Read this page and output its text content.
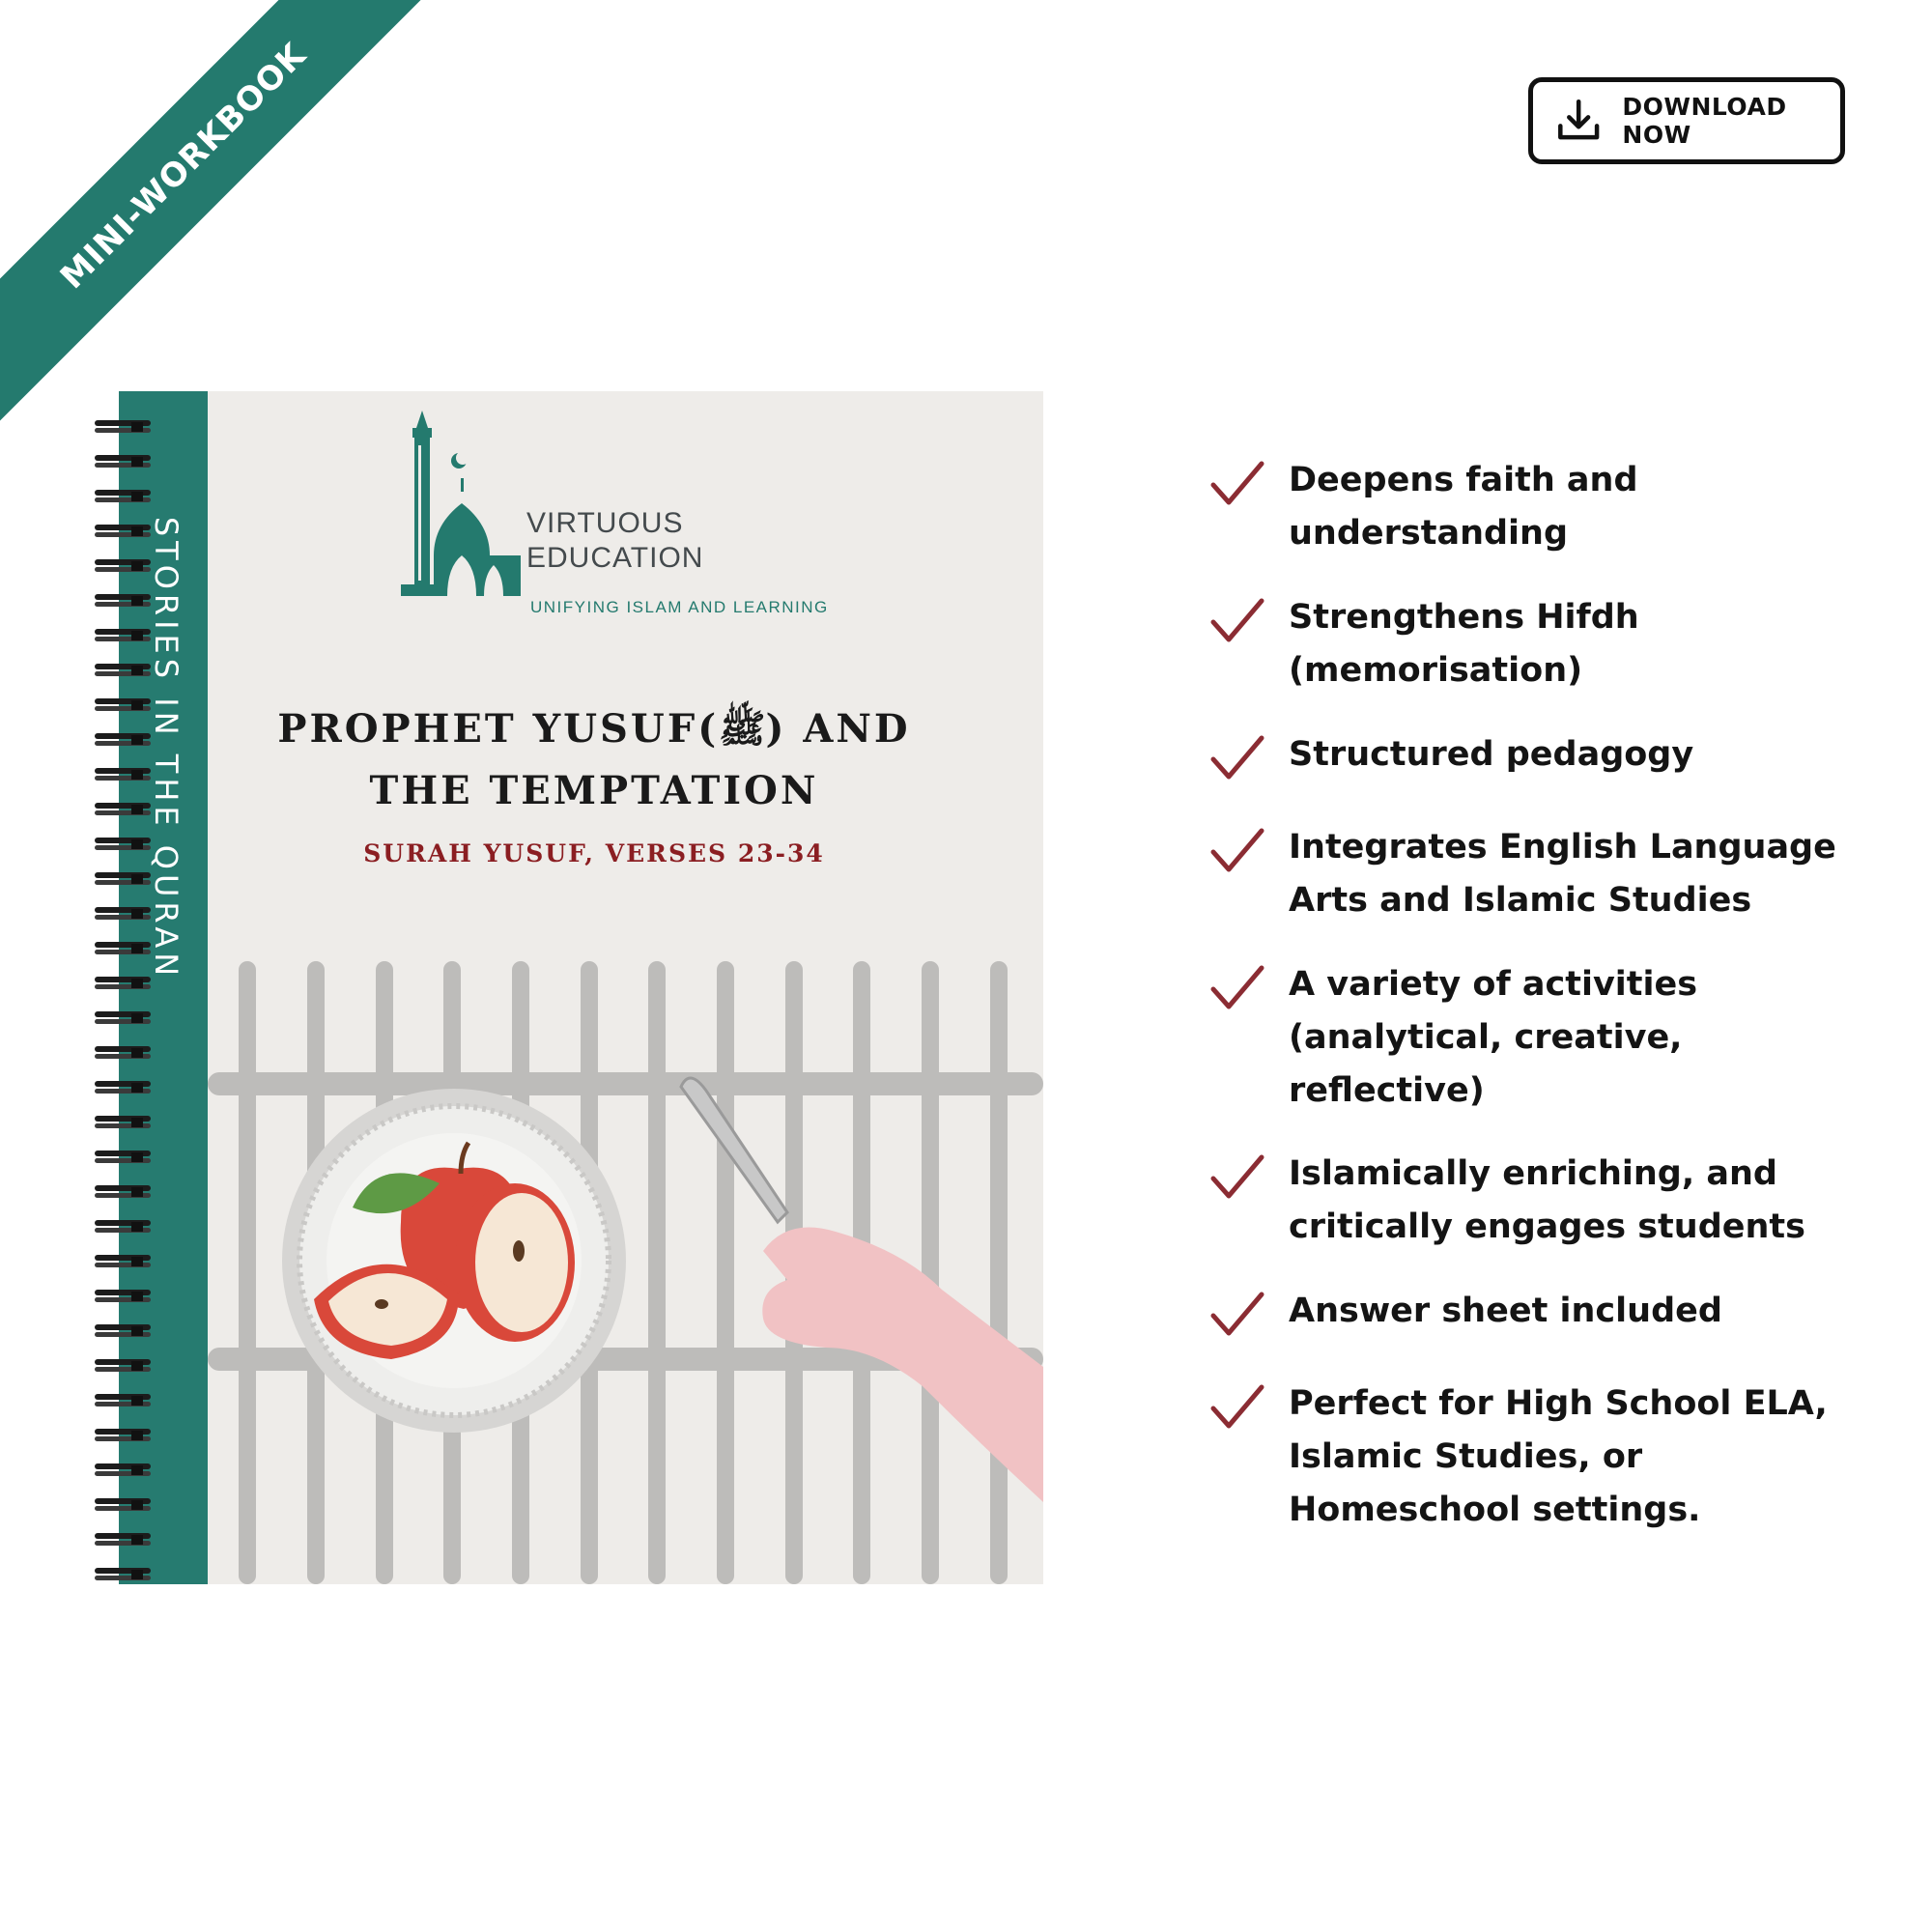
MINI-WORKBOOK	DOWNLOAD NOW
STORIES IN THE QURAN	VIRTUOUS
EDUCATION
UNIFYING ISLAM AND LEARNING
PROPHET YUSUF(ﷺ) AND
THE TEMPTATION
SURAH YUSUF, VERSES 23-34
Deepens faith and
understanding
Strengthens Hifdh
(memorisation)
Structured pedagogy
Integrates English Language
Arts and Islamic Studies
A variety of activities
(analytical, creative,
reflective)
Islamically enriching, and
critically engages students
Answer sheet included
Perfect for High School ELA,
Islamic Studies, or
Homeschool settings.
